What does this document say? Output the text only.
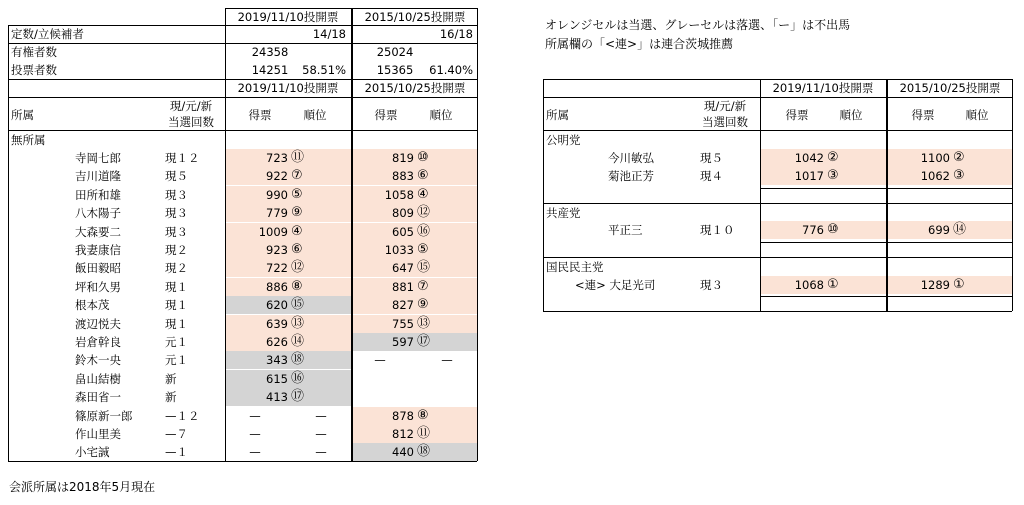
2019/11/10投開票	2015/10/25投開票
2019/11/10投開票	2015/10/25投開票
定数/立候補者	14/18	16/18
有権者数	24358	25024
投票者数	14251	58.51%	15365	61.40%
所属
現/元/新
当選回数	得票	順位	得票	順位
無所属
寺岡七郎	現１２	723 ⑪	819 ⑩
吉川道隆	現５	922 ⑦	883 ⑥
田所和雄	現３	990 ⑤	1058 ④
八木陽子	現３	779 ⑨	809 ⑫
大森要二	現３	1009 ④	605 ⑯
我妻康信	現２	923 ⑥	1033 ⑤
飯田毅昭	現２	722 ⑫	647 ⑮
坪和久男	現１	886 ⑧	881 ⑦
根本茂	現１	620 ⑮	827 ⑨
渡辺悦夫	現１	639 ⑬	755 ⑬
岩倉幹良	元１	626 ⑭	597 ⑰
鈴木一央	元１	343 ⑱	—	—
畠山結樹	新	615 ⑯
森田省一	新	413 ⑰
篠原新一郎	—１２	—	—	878 ⑧
作山里美	—７	—	—	812 ⑪
小宅誠	—１	—	—	440 ⑱
2019/11/10投開票	2015/10/25投開票
所属
現/元/新
当選回数	得票	順位	得票	順位
公明党
今川敏弘	現５	1042 ②	1100 ②
菊池正芳	現４	1017 ③	1062 ③
共産党
平正三	現１０	776 ⑩	699 ⑭
国民民主党
<連> 大足光司	現３	1068 ①	1289 ①
オレンジセルは当選、グレーセルは落選、「ー」は不出馬
所属欄の「<連>」は連合茨城推薦
会派所属は2018年5月現在
